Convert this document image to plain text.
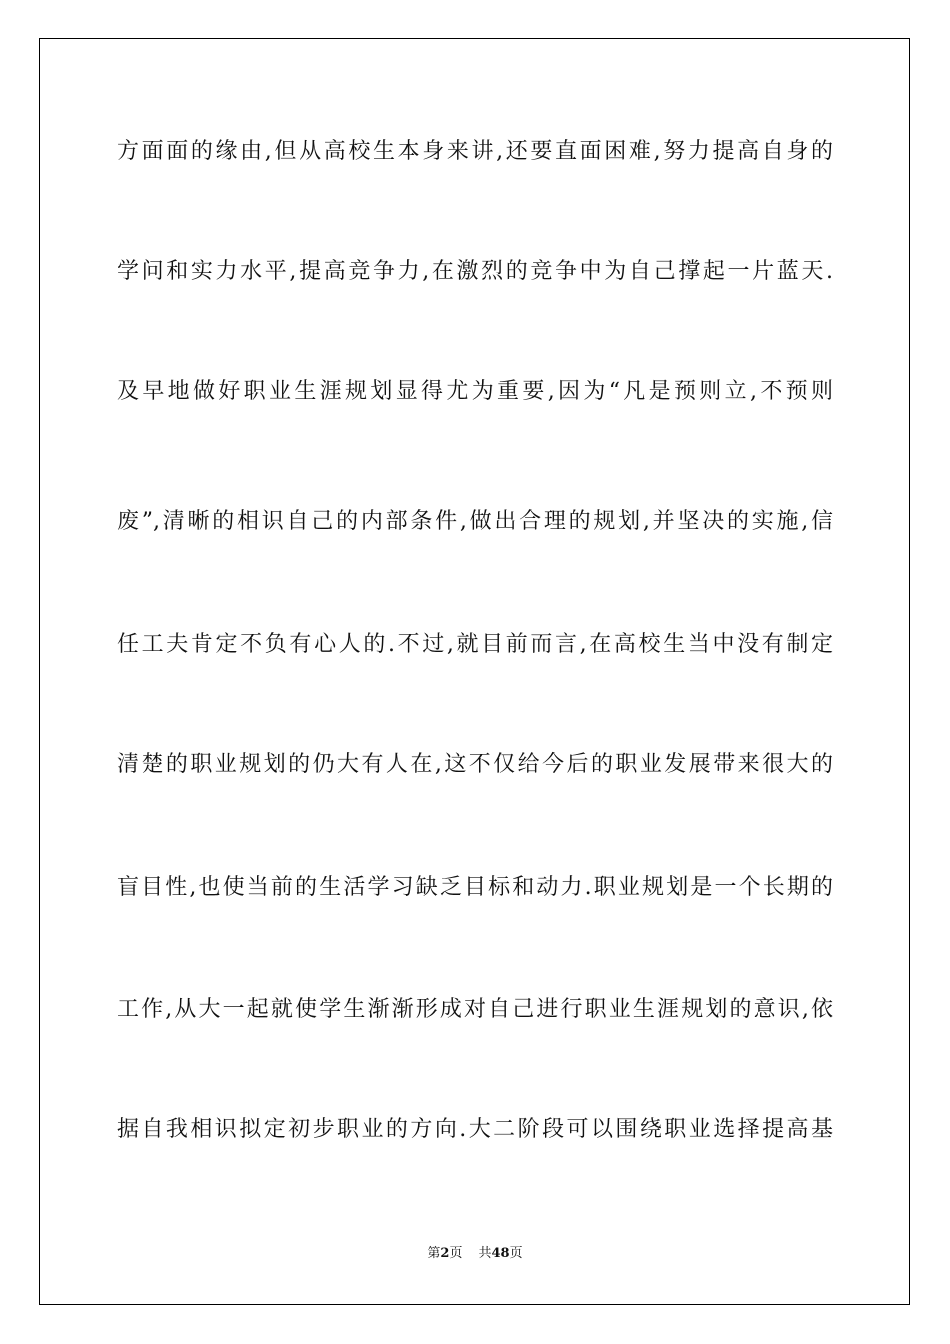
方面面的缘由,但从高校生本身来讲,还要直面困难,努力提高自身的
学问和实力水平,提高竞争力,在激烈的竞争中为自己撑起一片蓝天.
及早地做好职业生涯规划显得尤为重要,因为“凡是预则立,不预则
废”,清晰的相识自己的内部条件,做出合理的规划,并坚决的实施,信
任工夫肯定不负有心人的.不过,就目前而言,在高校生当中没有制定
清楚的职业规划的仍大有人在,这不仅给今后的职业发展带来很大的
盲目性,也使当前的生活学习缺乏目标和动力.职业规划是一个长期的
工作,从大一起就使学生渐渐形成对自己进行职业生涯规划的意识,依
据自我相识拟定初步职业的方向.大二阶段可以围绕职业选择提高基
第2页 共48页
